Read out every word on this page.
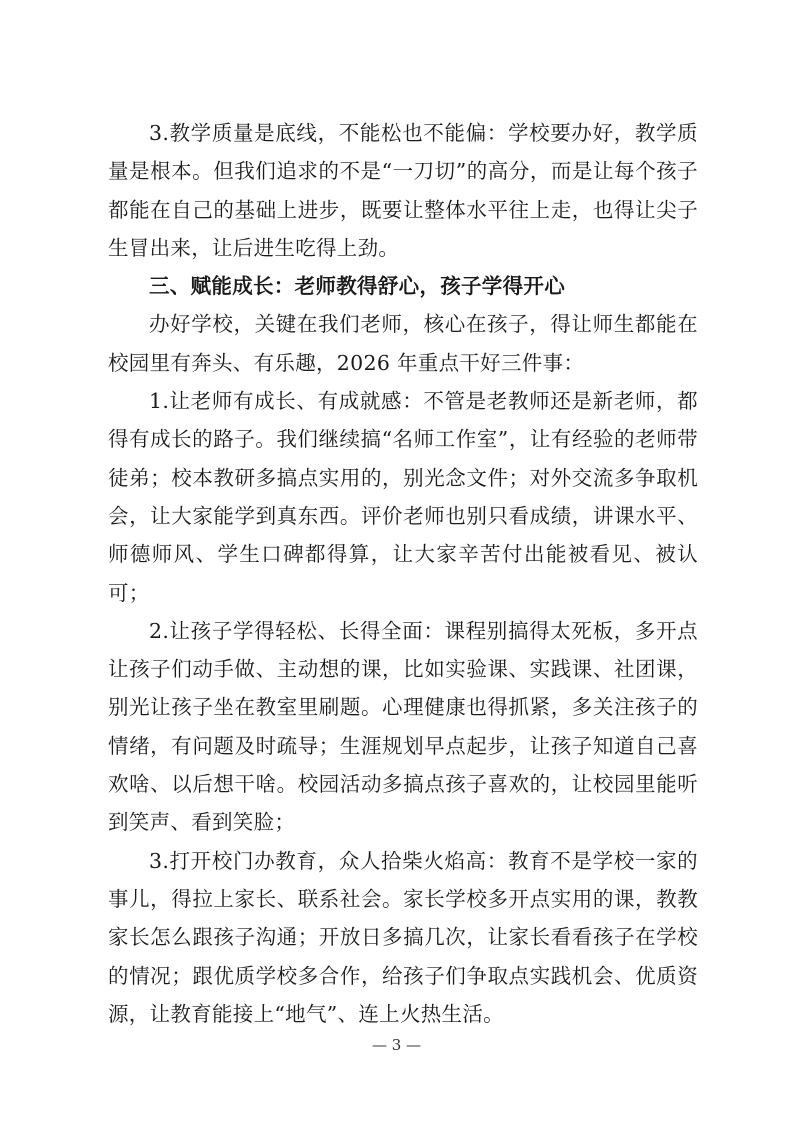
3.教学质量是底线，不能松也不能偏：学校要办好，教学质量是根本。但我们追求的不是“一刀切”的高分，而是让每个孩子都能在自己的基础上进步，既要让整体水平往上走，也得让尖子生冒出来，让后进生吃得上劲。

三、赋能成长：老师教得舒心，孩子学得开心

办好学校，关键在我们老师，核心在孩子，得让师生都能在校园里有奔头、有乐趣，2026 年重点干好三件事：

1.让老师有成长、有成就感：不管是老教师还是新老师，都得有成长的路子。我们继续搞“名师工作室”，让有经验的老师带徒弟；校本教研多搞点实用的，别光念文件；对外交流多争取机会，让大家能学到真东西。评价老师也别只看成绩，讲课水平、师德师风、学生口碑都得算，让大家辛苦付出能被看见、被认可；

2.让孩子学得轻松、长得全面：课程别搞得太死板，多开点让孩子们动手做、主动想的课，比如实验课、实践课、社团课，别光让孩子坐在教室里刷题。心理健康也得抓紧，多关注孩子的情绪，有问题及时疏导；生涯规划早点起步，让孩子知道自己喜欢啥、以后想干啥。校园活动多搞点孩子喜欢的，让校园里能听到笑声、看到笑脸；

3.打开校门办教育，众人拾柴火焰高：教育不是学校一家的事儿，得拉上家长、联系社会。家长学校多开点实用的课，教教家长怎么跟孩子沟通；开放日多搞几次，让家长看看孩子在学校的情况；跟优质学校多合作，给孩子们争取点实践机会、优质资源，让教育能接上“地气”、连上火热生活。

— 3 —
